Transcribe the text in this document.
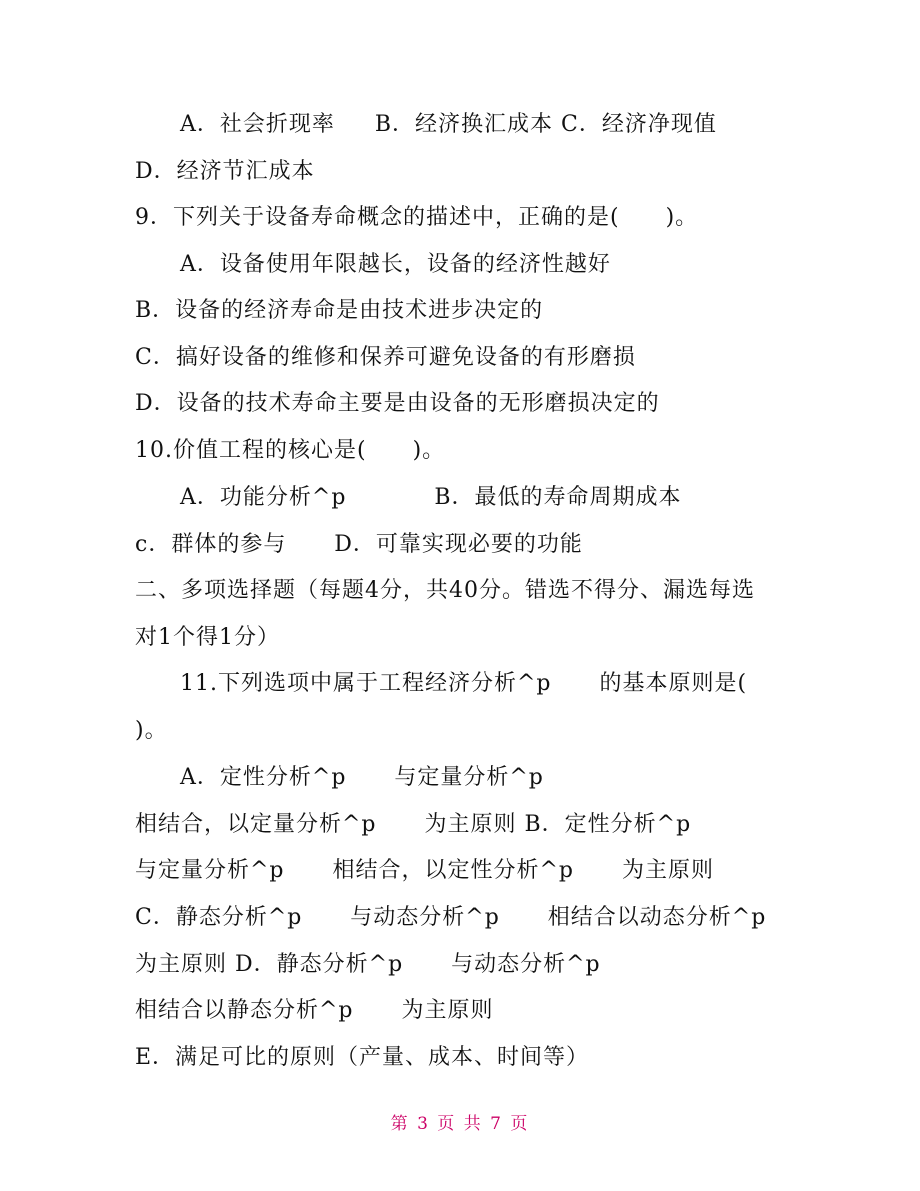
A．社会折现率     B．经济换汇成本 C．经济净现值
D．经济节汇成本
9．下列关于设备寿命概念的描述中，正确的是(　　)。
A．设备使用年限越长，设备的经济性越好
B．设备的经济寿命是由技术进步决定的
C．搞好设备的维修和保养可避免设备的有形磨损
D．设备的技术寿命主要是由设备的无形磨损决定的
10.价值工程的核心是(　　)。
A．功能分析^p           B．最低的寿命周期成本
c．群体的参与      D．可靠实现必要的功能
二、多项选择题（每题4分，共40分。错选不得分、漏选每选
对1个得1分）
11.下列选项中属于工程经济分析^p      的基本原则是(
)。
A．定性分析^p      与定量分析^p
相结合，以定量分析^p      为主原则 B．定性分析^p
与定量分析^p      相结合，以定性分析^p      为主原则
C．静态分析^p      与动态分析^p      相结合以动态分析^p
为主原则 D．静态分析^p      与动态分析^p
相结合以静态分析^p      为主原则
E．满足可比的原则（产量、成本、时间等）
第 3 页 共 7 页
